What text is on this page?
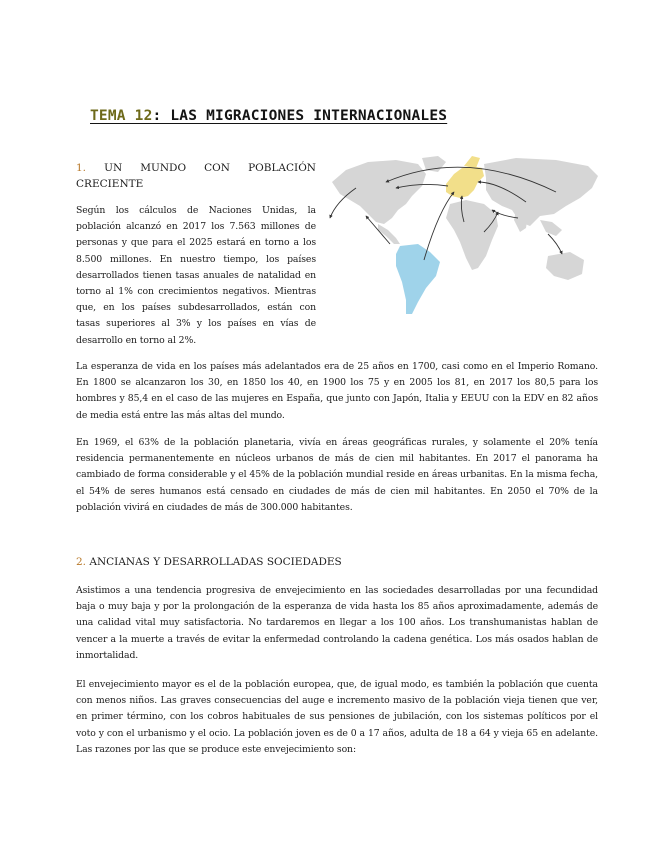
TEMA 12: LAS MIGRACIONES INTERNACIONALES
1. UN MUNDO CON POBLACIÓN
CRECIENTE

Según los cálculos de Naciones Unidas, la población alcanzó en 2017 los 7.563 millones de personas y que para el 2025 estará en torno a los 8.500 millones. En nuestro tiempo, los países desarrollados tienen tasas anuales de natalidad en torno al 1% con crecimientos negativos. Mientras que, en los países subdesarrollados, están con tasas superiores al 3% y los países en vías de desarrollo en torno al 2%.

La esperanza de vida en los países más adelantados era de 25 años en 1700, casi como en el Imperio Romano. En 1800 se alcanzaron los 30, en 1850 los 40, en 1900 los 75 y en 2005 los 81, en 2017 los 80,5 para los hombres y 85,4 en el caso de las mujeres en España, que junto con Japón, Italia y EEUU con la EDV en 82 años de media está entre las más altas del mundo.

En 1969, el 63% de la población planetaria, vivía en áreas geográficas rurales, y solamente el 20% tenía residencia permanentemente en núcleos urbanos de más de cien mil habitantes. En 2017 el panorama ha cambiado de forma considerable y el 45% de la población mundial reside en áreas urbanitas. En la misma fecha, el 54% de seres humanos está censado en ciudades de más de cien mil habitantes. En 2050 el 70% de la población vivirá en ciudades de más de 300.000 habitantes.

2. ANCIANAS Y DESARROLLADAS SOCIEDADES

Asistimos a una tendencia progresiva de envejecimiento en las sociedades desarrolladas por una fecundidad baja o muy baja y por la prolongación de la esperanza de vida hasta los 85 años aproximadamente, además de una calidad vital muy satisfactoria. No tardaremos en llegar a los 100 años. Los transhumanistas hablan de vencer a la muerte a través de evitar la enfermedad controlando la cadena genética. Los más osados hablan de inmortalidad.

El envejecimiento mayor es el de la población europea, que, de igual modo, es también la población que cuenta con menos niños. Las graves consecuencias del auge e incremento masivo de la población vieja tienen que ver, en primer término, con los cobros habituales de sus pensiones de jubilación, con los sistemas políticos por el voto y con el urbanismo y el ocio. La población joven es de 0 a 17 años, adulta de 18 a 64 y vieja 65 en adelante. Las razones por las que se produce este envejecimiento son:
